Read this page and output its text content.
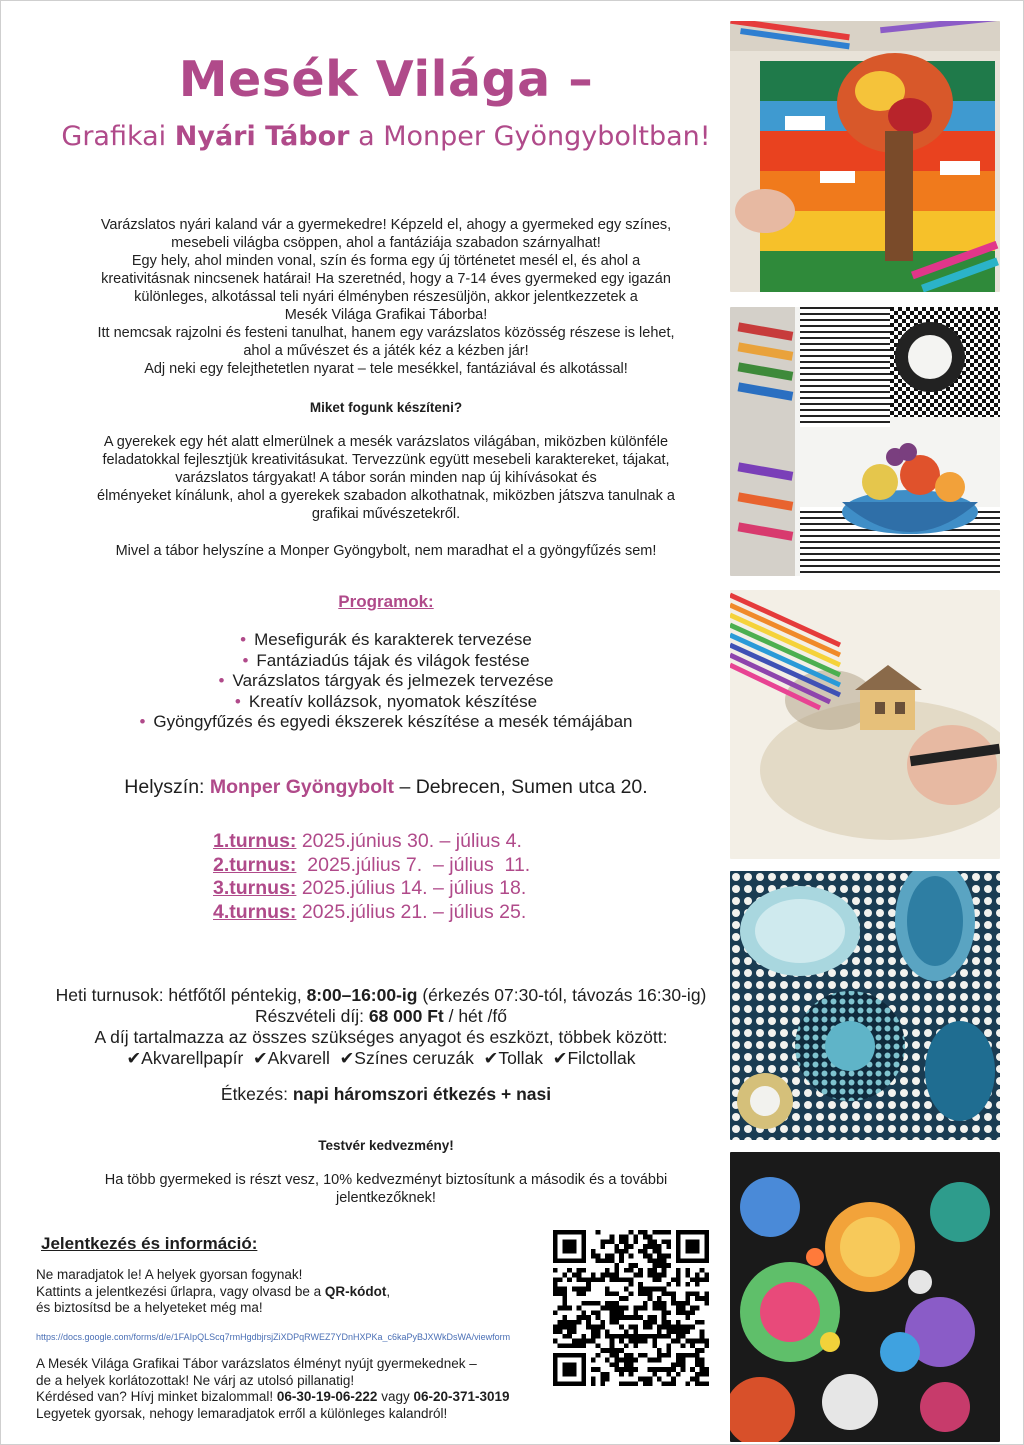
Mesék Világa –
Grafikai Nyári Tábor a Monper Gyöngyboltban!

Varázslatos nyári kaland vár a gyermekedre! Képzeld el, ahogy a gyermeked egy színes,

mesebeli világba csöppen, ahol a fantáziája szabadon szárnyalhat!

Egy hely, ahol minden vonal, szín és forma egy új történetet mesél el, és ahol a

kreativitásnak nincsenek határai! Ha szeretnéd, hogy a 7-14 éves gyermeked egy igazán

különleges, alkotással teli nyári élményben részesüljön, akkor jelentkezzetek a

Mesék Világa Grafikai Táborba!

Itt nemcsak rajzolni és festeni tanulhat, hanem egy varázslatos közösség részese is lehet,

ahol a művészet és a játék kéz a kézben jár!

Adj neki egy felejthetetlen nyarat – tele mesékkel, fantáziával és alkotással!

Miket fogunk készíteni?

A gyerekek egy hét alatt elmerülnek a mesék varázslatos világában, miközben különféle

feladatokkal fejlesztjük kreativitásukat. Tervezzünk együtt mesebeli karaktereket, tájakat,

varázslatos tárgyakat! A tábor során minden nap új kihívásokat és

élményeket kínálunk, ahol a gyerekek szabadon alkothatnak, miközben játszva tanulnak a

grafikai művészetekről.

Mivel a tábor helyszíne a Monper Gyöngybolt, nem maradhat el a gyöngyfűzés sem!
Programok:
• Mesefigurák és karakterek tervezése
• Fantáziadús tájak és világok festése
• Varázslatos tárgyak és jelmezek tervezése
• Kreatív kollázsok, nyomatok készítése
• Gyöngyfűzés és egyedi ékszerek készítése a mesék témájában
Helyszín: Monper Gyöngybolt – Debrecen, Sumen utca 20.
1.turnus: 2025.június 30. – július 4.
2.turnus:  2025.július 7.  – július  11.
3.turnus: 2025.július 14. – július 18.
4.turnus: 2025.július 21. – július 25.
Heti turnusok: hétfőtől péntekig, 8:00–16:00-ig (érkezés 07:30-tól, távozás 16:30-ig)
Részvételi díj: 68 000 Ft / hét /fő
A díj tartalmazza az összes szükséges anyagot és eszközt, többek között:
✔Akvarellpapír  ✔Akvarell  ✔Színes ceruzák  ✔Tollak  ✔Filctollak
Étkezés: napi háromszori étkezés + nasi
Testvér kedvezmény!

Ha több gyermeked is részt vesz, 10% kedvezményt biztosítunk a második és a további

jelentkezőknek!

Jelentkezés és információ:
Ne maradjatok le! A helyek gyorsan fogynak!
Kattints a jelentkezési űrlapra, vagy olvasd be a QR-kódot,
és biztosítsd be a helyeteket még ma!
https://docs.google.com/forms/d/e/1FAIpQLScq7rmHgdbjrsjZiXDPqRWEZ7YDnHXPKa_c6kaPyBJXWkDsWA/viewform
A Mesék Világa Grafikai Tábor varázslatos élményt nyújt gyermekednek –
de a helyek korlátozottak! Ne várj az utolsó pillanatig!
Kérdésed van? Hívj minket bizalommal! 06-30-19-06-222 vagy 06-20-371-3019
Legyetek gyorsak, nehogy lemaradjatok erről a különleges kalandról!
